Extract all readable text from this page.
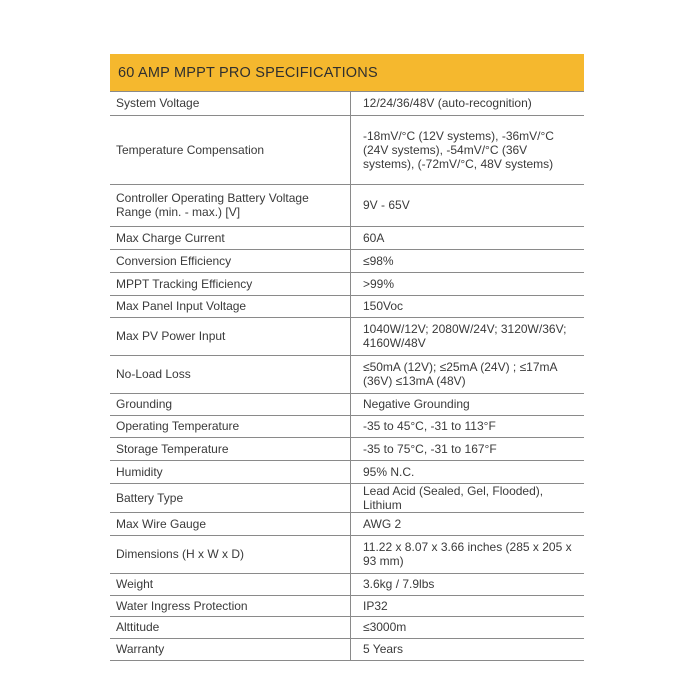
60 AMP MPPT PRO SPECIFICATIONS
System Voltage	12/24/36/48V (auto-recognition)
Temperature Compensation	-18mV/°C (12V systems), -36mV/°C (24V systems), -54mV/°C (36V systems), (-72mV/°C, 48V systems)
Controller Operating Battery Voltage Range (min. - max.) [V]	9V - 65V
Max Charge Current	60A
Conversion Efficiency	≤98%
MPPT Tracking Efficiency	>99%
Max Panel Input Voltage	150Voc
Max PV Power Input	1040W/12V; 2080W/24V; 3120W/36V; 4160W/48V
No-Load Loss	≤50mA (12V); ≤25mA (24V) ; ≤17mA (36V) ≤13mA (48V)
Grounding	Negative Grounding
Operating Temperature	-35 to 45°C, -31 to 113°F
Storage Temperature	-35 to 75°C, -31 to 167°F
Humidity	95% N.C.
Battery Type	Lead Acid (Sealed, Gel, Flooded), Lithium
Max Wire Gauge	AWG 2
Dimensions (H x W x D)	11.22 x 8.07 x 3.66 inches (285 x 205 x 93 mm)
Weight	3.6kg / 7.9lbs
Water Ingress Protection	IP32
Alttitude	≤3000m
Warranty	5 Years
